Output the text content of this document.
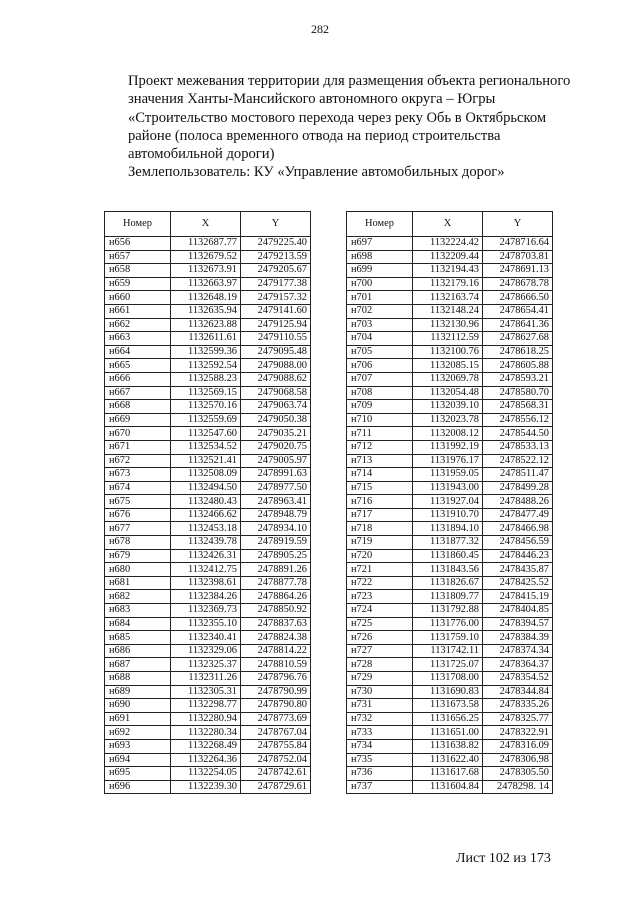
282
Проект межевания территории для размещения объекта регионального
значения Ханты-Мансийского автономного округа – Югры
«Строительство мостового перехода через реку Обь в Октябрьском
районе (полоса временного отвода на период строительства
автомобильной дороги)
Землепользователь: КУ «Управление автомобильных дорог»
Номер	X	Y
н656	1132687.77	2479225.40
н657	1132679.52	2479213.59
н658	1132673.91	2479205.67
н659	1132663.97	2479177.38
н660	1132648.19	2479157.32
н661	1132635.94	2479141.60
н662	1132623.88	2479125.94
н663	1132611.61	2479110.55
н664	1132599.36	2479095.48
н665	1132592.54	2479088.00
н666	1132588.23	2479088.62
н667	1132569.15	2479068.58
н668	1132570.16	2479063.74
н669	1132559.69	2479050.38
н670	1132547.60	2479035.21
н671	1132534.52	2479020.75
н672	1132521.41	2479005.97
н673	1132508.09	2478991.63
н674	1132494.50	2478977.50
н675	1132480.43	2478963.41
н676	1132466.62	2478948.79
н677	1132453.18	2478934.10
н678	1132439.78	2478919.59
н679	1132426.31	2478905.25
н680	1132412.75	2478891.26
н681	1132398.61	2478877.78
н682	1132384.26	2478864.26
н683	1132369.73	2478850.92
н684	1132355.10	2478837.63
н685	1132340.41	2478824.38
н686	1132329.06	2478814.22
н687	1132325.37	2478810.59
н688	1132311.26	2478796.76
н689	1132305.31	2478790.99
н690	1132298.77	2478790.80
н691	1132280.94	2478773.69
н692	1132280.34	2478767.04
н693	1132268.49	2478755.84
н694	1132264.36	2478752.04
н695	1132254.05	2478742.61
н696	1132239.30	2478729.61
Номер	X	Y
н697	1132224.42	2478716.64
н698	1132209.44	2478703.81
н699	1132194.43	2478691.13
н700	1132179.16	2478678.78
н701	1132163.74	2478666.50
н702	1132148.24	2478654.41
н703	1132130.96	2478641.36
н704	1132112.59	2478627.68
н705	1132100.76	2478618.25
н706	1132085.15	2478605.88
н707	1132069.78	2478593.21
н708	1132054.48	2478580.70
н709	1132039.10	2478568.31
н710	1132023.78	2478556.12
н711	1132008.12	2478544.50
н712	1131992.19	2478533.13
н713	1131976.17	2478522.12
н714	1131959.05	2478511.47
н715	1131943.00	2478499.28
н716	1131927.04	2478488.26
н717	1131910.70	2478477.49
н718	1131894.10	2478466.98
н719	1131877.32	2478456.59
н720	1131860.45	2478446.23
н721	1131843.56	2478435.87
н722	1131826.67	2478425.52
н723	1131809.77	2478415.19
н724	1131792.88	2478404.85
н725	1131776.00	2478394.57
н726	1131759.10	2478384.39
н727	1131742.11	2478374.34
н728	1131725.07	2478364.37
н729	1131708.00	2478354.52
н730	1131690.83	2478344.84
н731	1131673.58	2478335.26
н732	1131656.25	2478325.77
н733	1131651.00	2478322.91
н734	1131638.82	2478316.09
н735	1131622.40	2478306.98
н736	1131617.68	2478305.50
н737	1131604.84	2478298. 14
Лист 102 из 173
